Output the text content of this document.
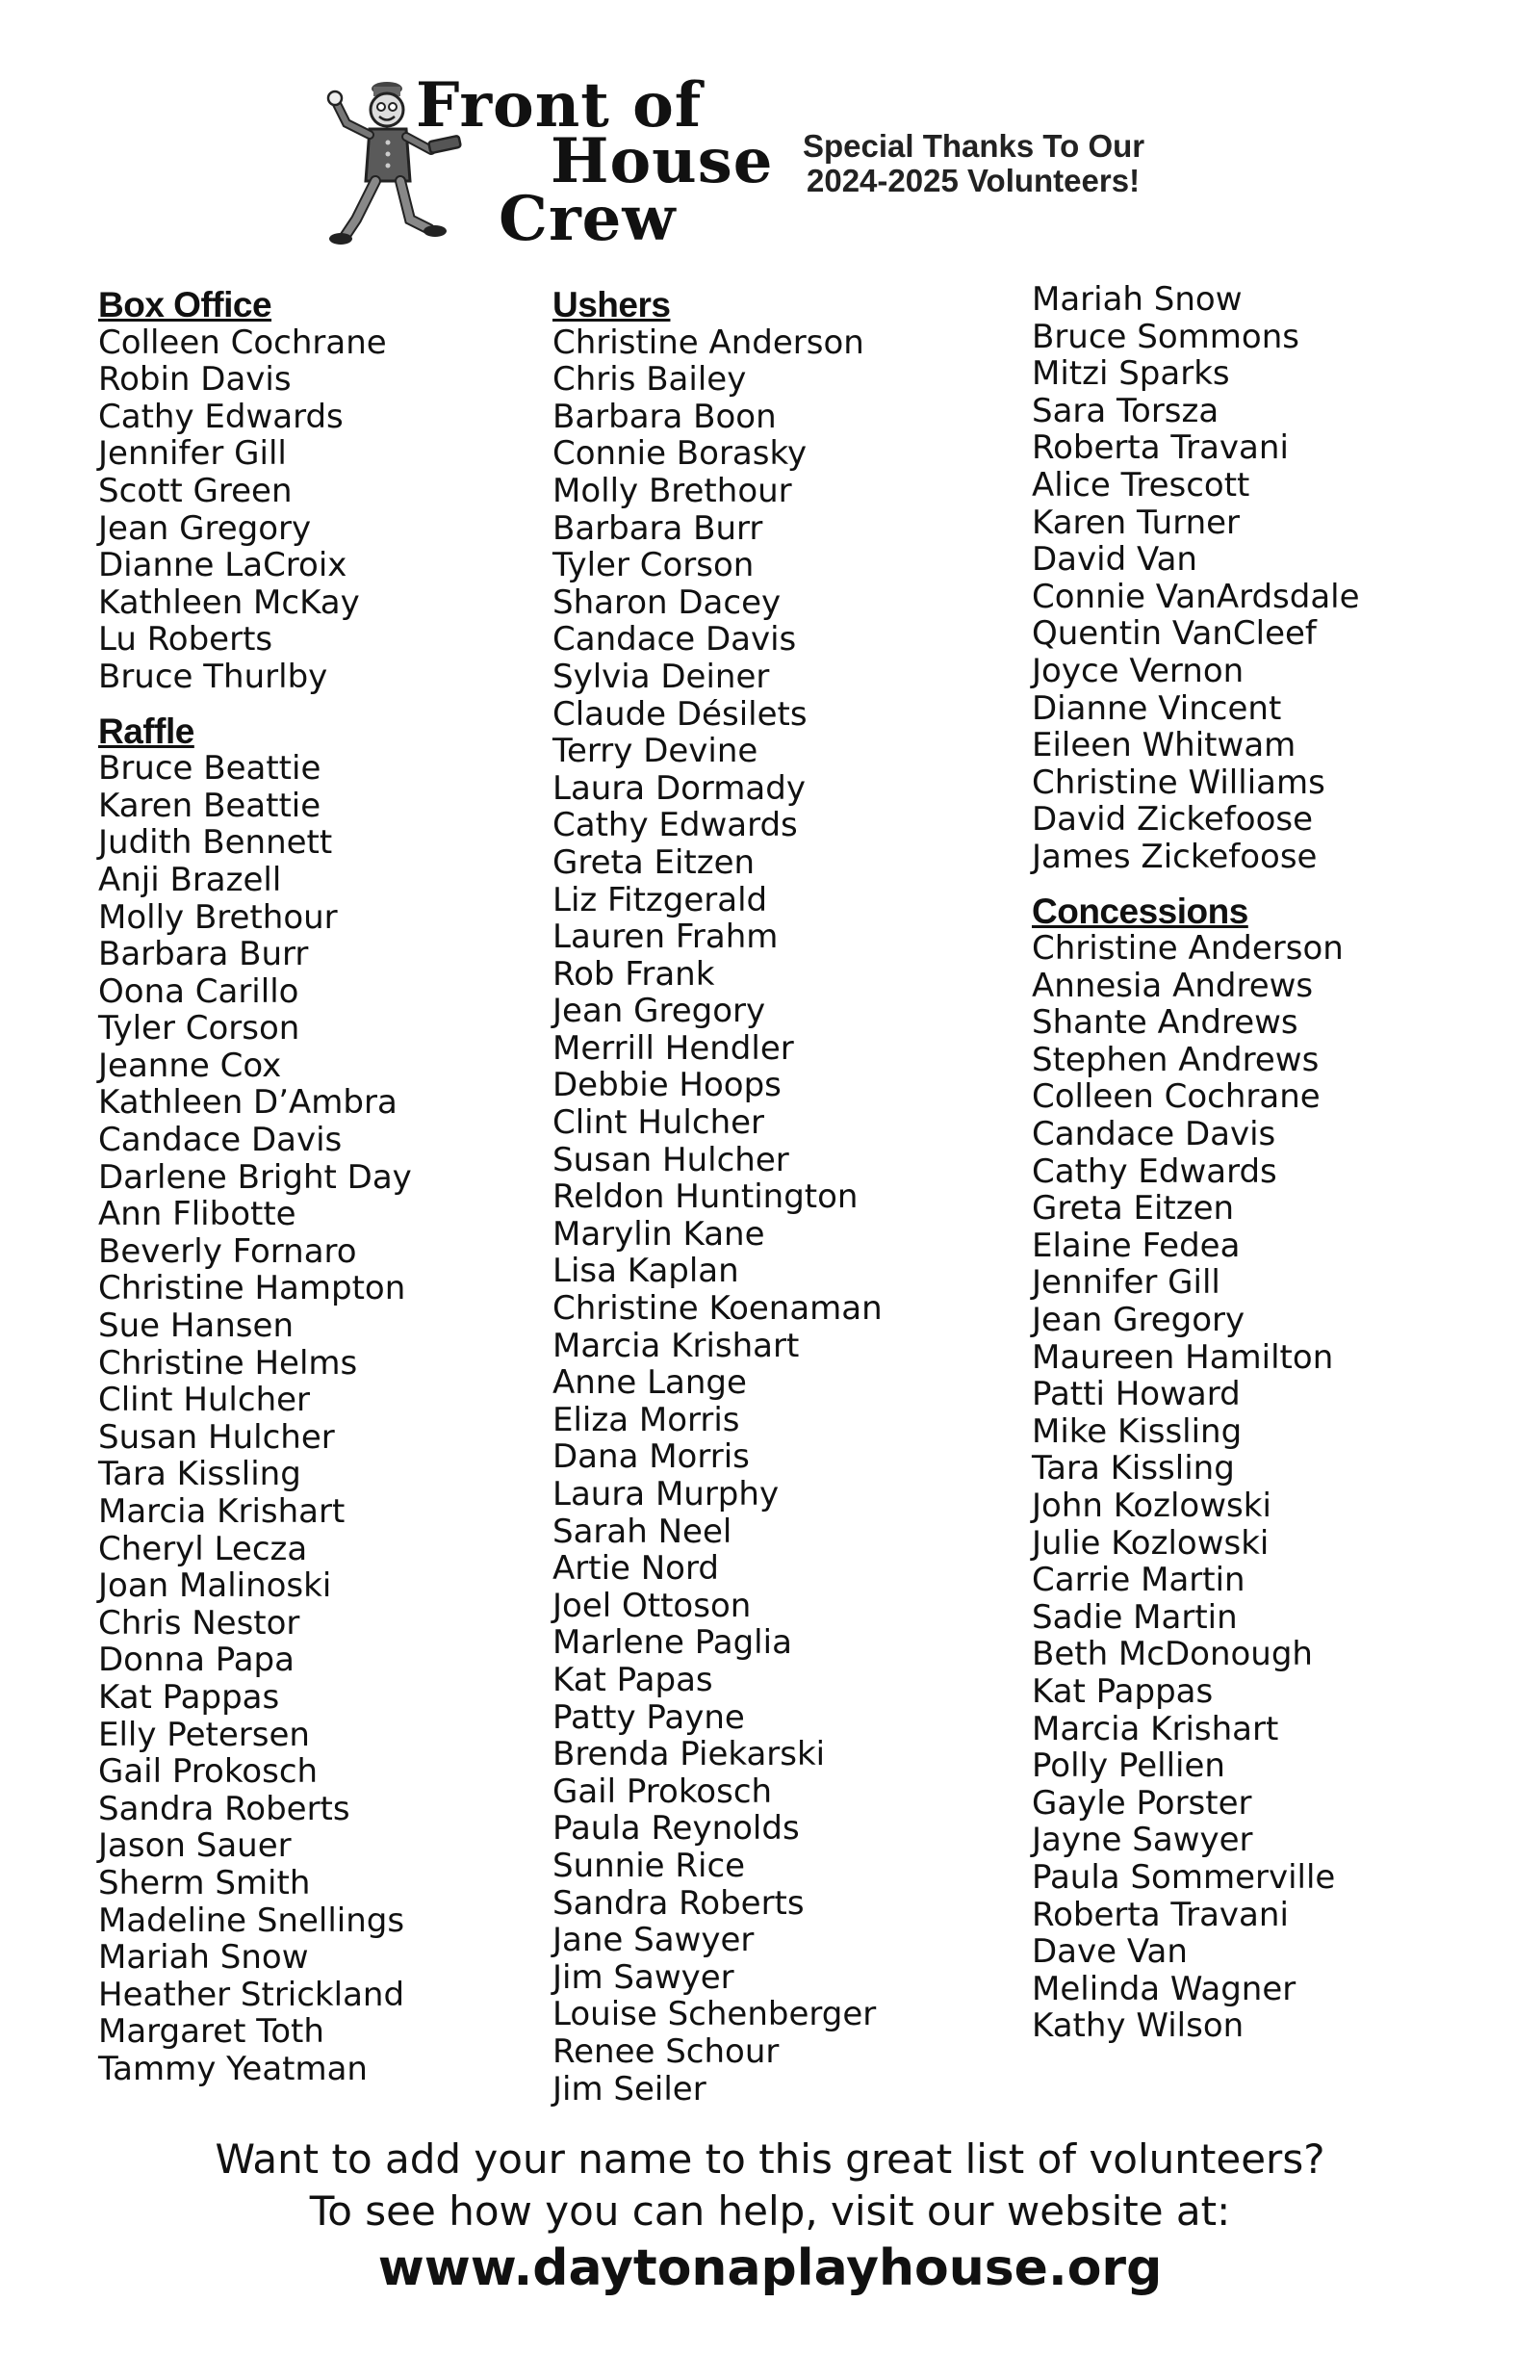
Front of
House
Crew
Special Thanks To Our
2024-2025 Volunteers!
Box Office
Colleen Cochrane
Robin Davis
Cathy Edwards
Jennifer Gill
Scott Green
Jean Gregory
Dianne LaCroix
Kathleen McKay
Lu Roberts
Bruce Thurlby
Raffle
Bruce Beattie
Karen Beattie
Judith Bennett
Anji Brazell
Molly Brethour
Barbara Burr
Oona Carillo
Tyler Corson
Jeanne Cox
Kathleen D’Ambra
Candace Davis
Darlene Bright Day
Ann Flibotte
Beverly Fornaro
Christine Hampton
Sue Hansen
Christine Helms
Clint Hulcher
Susan Hulcher
Tara Kissling
Marcia Krishart
Cheryl Lecza
Joan Malinoski
Chris Nestor
Donna Papa
Kat Pappas
Elly Petersen
Gail Prokosch
Sandra Roberts
Jason Sauer
Sherm Smith
Madeline Snellings
Mariah Snow
Heather Strickland
Margaret Toth
Tammy Yeatman
Ushers
Christine Anderson
Chris Bailey
Barbara Boon
Connie Borasky
Molly Brethour
Barbara Burr
Tyler Corson
Sharon Dacey
Candace Davis
Sylvia Deiner
Claude Désilets
Terry Devine
Laura Dormady
Cathy Edwards
Greta Eitzen
Liz Fitzgerald
Lauren Frahm
Rob Frank
Jean Gregory
Merrill Hendler
Debbie Hoops
Clint Hulcher
Susan Hulcher
Reldon Huntington
Marylin Kane
Lisa Kaplan
Christine Koenaman
Marcia Krishart
Anne Lange
Eliza Morris
Dana Morris
Laura Murphy
Sarah Neel
Artie Nord
Joel Ottoson
Marlene Paglia
Kat Papas
Patty Payne
Brenda Piekarski
Gail Prokosch
Paula Reynolds
Sunnie Rice
Sandra Roberts
Jane Sawyer
Jim Sawyer
Louise Schenberger
Renee Schour
Jim Seiler
Mariah Snow
Bruce Sommons
Mitzi Sparks
Sara Torsza
Roberta Travani
Alice Trescott
Karen Turner
David Van
Connie VanArdsdale
Quentin VanCleef
Joyce Vernon
Dianne Vincent
Eileen Whitwam
Christine Williams
David Zickefoose
James Zickefoose
Concessions
Christine Anderson
Annesia Andrews
Shante Andrews
Stephen Andrews
Colleen Cochrane
Candace Davis
Cathy Edwards
Greta Eitzen
Elaine Fedea
Jennifer Gill
Jean Gregory
Maureen Hamilton
Patti Howard
Mike Kissling
Tara Kissling
John Kozlowski
Julie Kozlowski
Carrie Martin
Sadie Martin
Beth McDonough
Kat Pappas
Marcia Krishart
Polly Pellien
Gayle Porster
Jayne Sawyer
Paula Sommerville
Roberta Travani
Dave Van
Melinda Wagner
Kathy Wilson
Want to add your name to this great list of volunteers?
To see how you can help, visit our website at:
www.daytonaplayhouse.org
